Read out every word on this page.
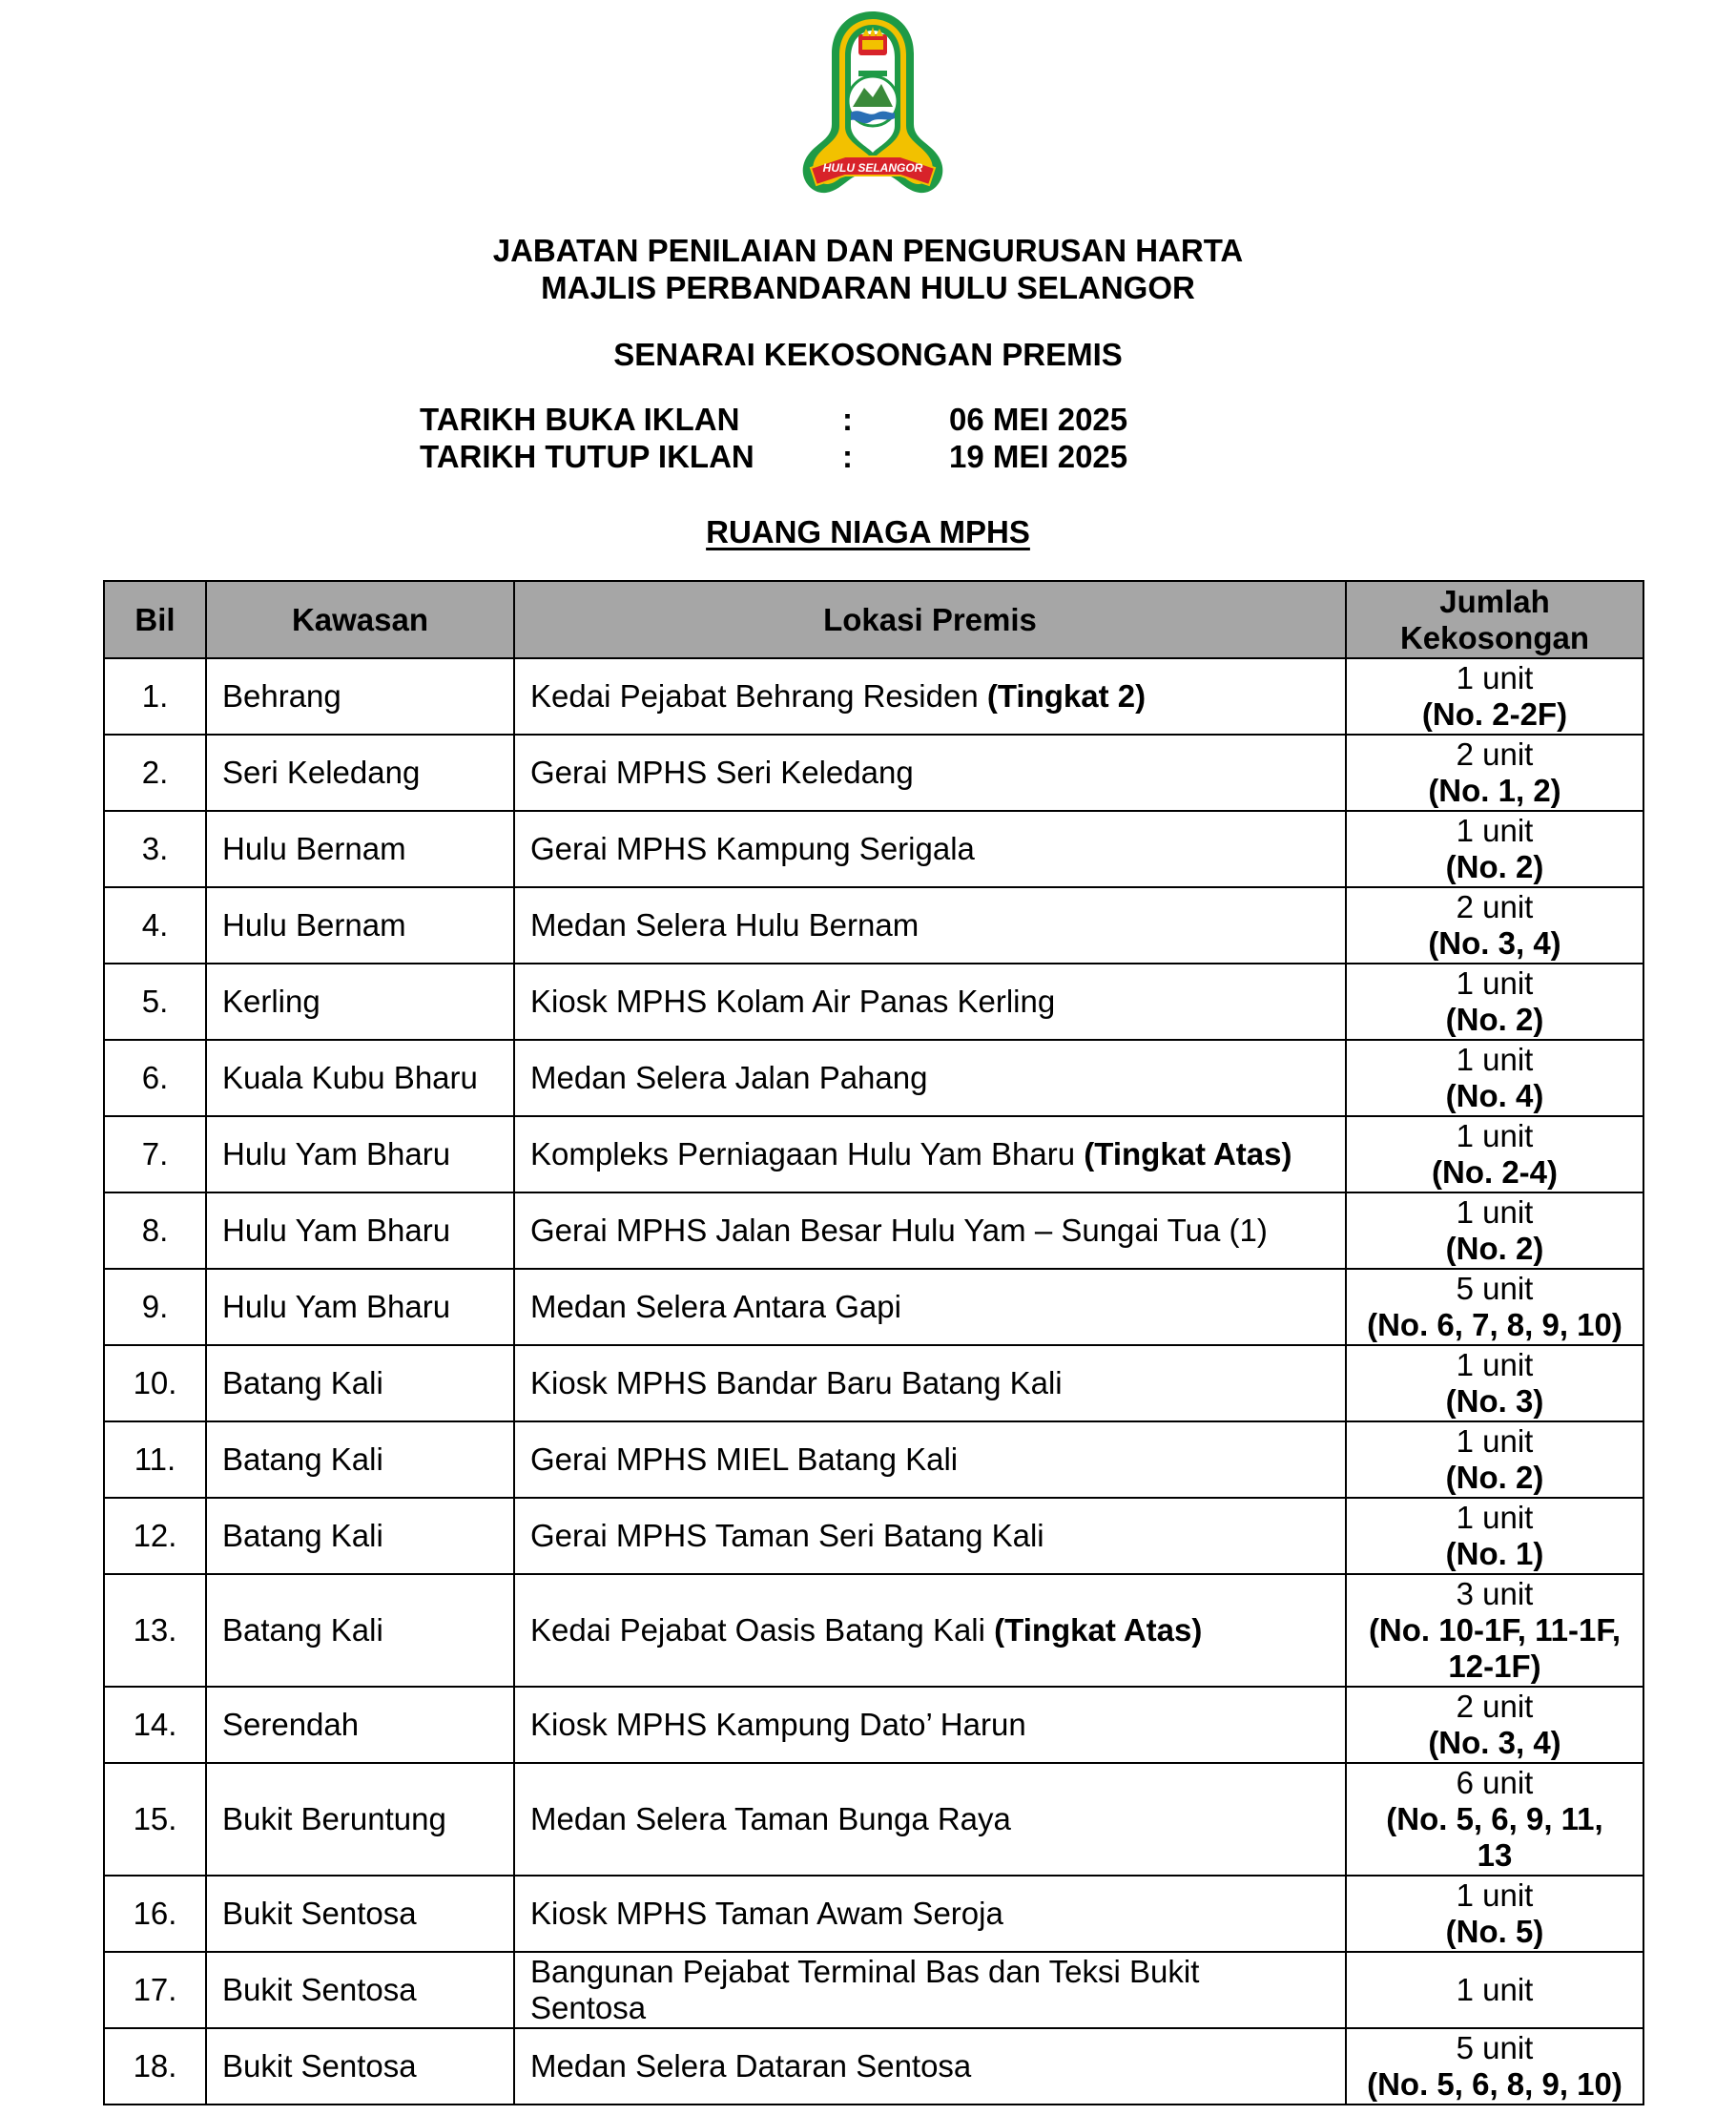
HULU SELANGOR
JABATAN PENILAIAN DAN PENGURUSAN HARTA
MAJLIS PERBANDARAN HULU SELANGOR
SENARAI KEKOSONGAN PREMIS
TARIKH BUKA IKLAN	:	06 MEI 2025
TARIKH TUTUP IKLAN	:	19 MEI 2025
RUANG NIAGA MPHS
Bil	Kawasan	Lokasi Premis	Jumlah
Kekosongan

1.	Behrang	Kedai Pejabat Behrang Residen (Tingkat 2)	1 unit
(No. 2-2F)

2.	Seri Keledang	Gerai MPHS Seri Keledang	2 unit
(No. 1, 2)

3.	Hulu Bernam	Gerai MPHS Kampung Serigala	1 unit
(No. 2)

4.	Hulu Bernam	Medan Selera Hulu Bernam	2 unit
(No. 3, 4)

5.	Kerling	Kiosk MPHS Kolam Air Panas Kerling	1 unit
(No. 2)

6.	Kuala Kubu Bharu	Medan Selera Jalan Pahang	1 unit
(No. 4)

7.	Hulu Yam Bharu	Kompleks Perniagaan Hulu Yam Bharu (Tingkat Atas)	1 unit
(No. 2-4)

8.	Hulu Yam Bharu	Gerai MPHS Jalan Besar Hulu Yam – Sungai Tua (1)	1 unit
(No. 2)

9.	Hulu Yam Bharu	Medan Selera Antara Gapi	5 unit
(No. 6, 7, 8, 9, 10)

10.	Batang Kali	Kiosk MPHS Bandar Baru Batang Kali	1 unit
(No. 3)

11.	Batang Kali	Gerai MPHS MIEL Batang Kali	1 unit
(No. 2)

12.	Batang Kali	Gerai MPHS Taman Seri Batang Kali	1 unit
(No. 1)

13.	Batang Kali	Kedai Pejabat Oasis Batang Kali (Tingkat Atas)	3 unit
(No. 10-1F, 11-1F,
12-1F)

14.	Serendah	Kiosk MPHS Kampung Dato’ Harun	2 unit
(No. 3, 4)

15.	Bukit Beruntung	Medan Selera Taman Bunga Raya	6 unit
(No. 5, 6, 9, 11,
13

16.	Bukit Sentosa	Kiosk MPHS Taman Awam Seroja	1 unit
(No. 5)

17.	Bukit Sentosa	Bangunan Pejabat Terminal Bas dan Teksi Bukit
Sentosa	1 unit

18.	Bukit Sentosa	Medan Selera Dataran Sentosa	5 unit
(No. 5, 6, 8, 9, 10)
